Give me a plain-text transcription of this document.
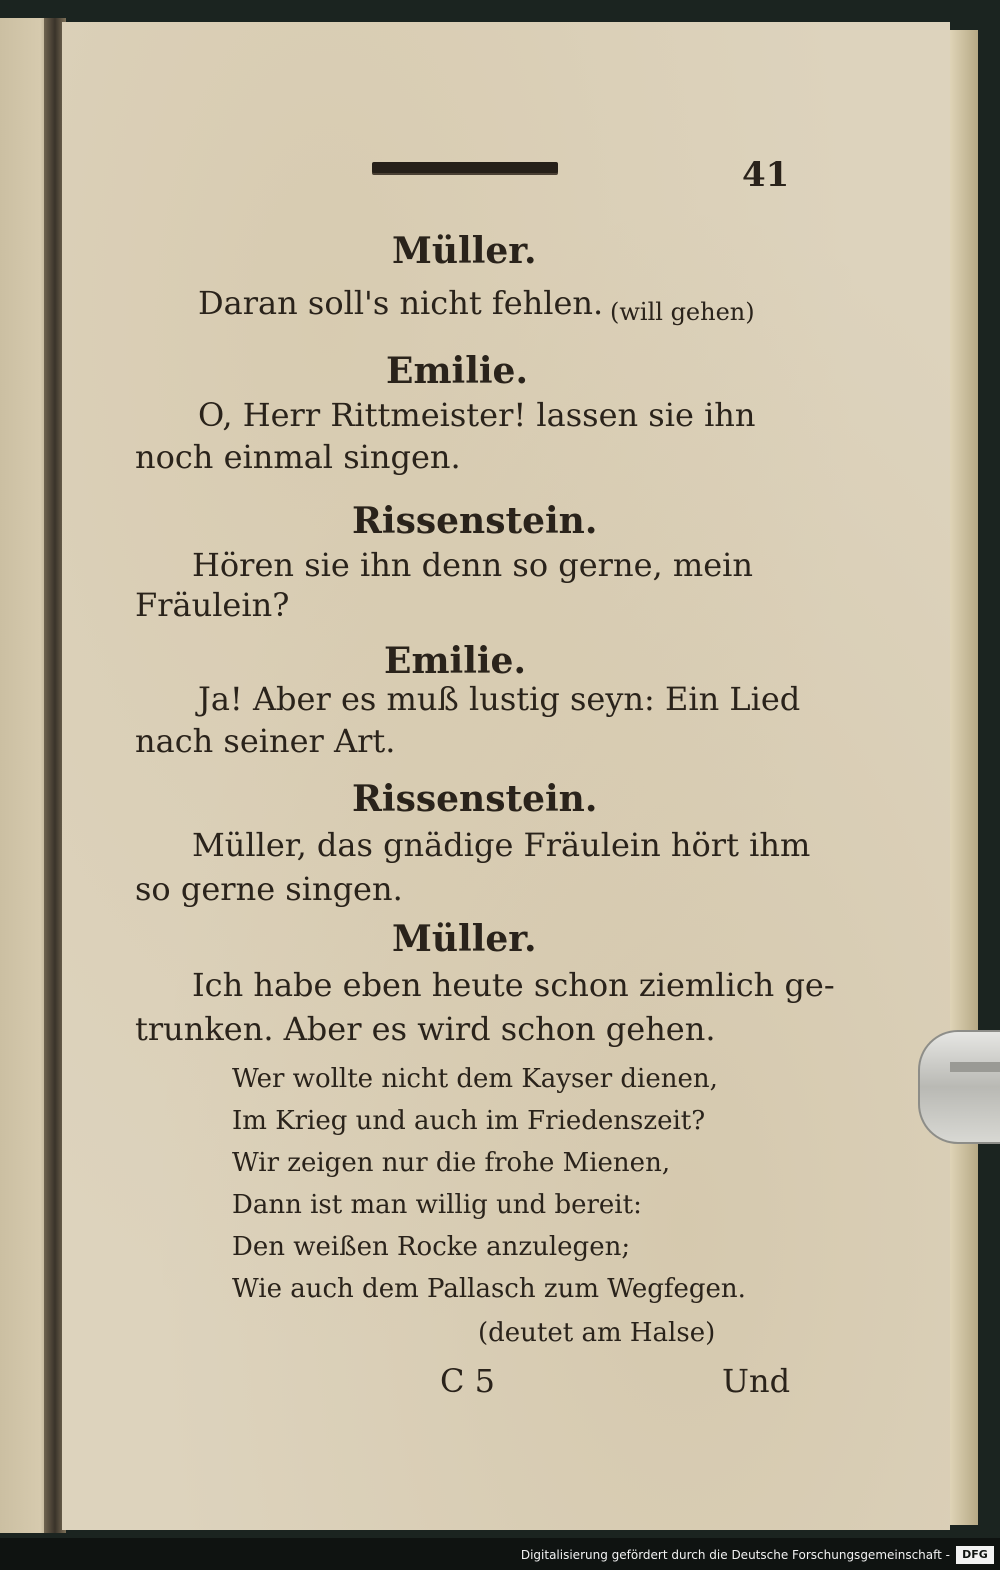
41
Müller.
Daran soll's nicht fehlen. (will gehen)
Emilie.
O, Herr Rittmeister! lassen sie ihn
noch einmal singen.
Rissenstein.
Hören sie ihn denn so gerne, mein
Fräulein?
Emilie.
Ja! Aber es muß lustig seyn: Ein Lied
nach seiner Art.
Rissenstein.
Müller, das gnädige Fräulein hört ihm
so gerne singen.
Müller.
Ich habe eben heute schon ziemlich ge-
trunken. Aber es wird schon gehen.
Wer wollte nicht dem Kayser dienen,
Im Krieg und auch im Friedenszeit?
Wir zeigen nur die frohe Mienen,
Dann ist man willig und bereit:
Den weißen Rocke anzulegen;
Wie auch dem Pallasch zum Wegfegen.
(deutet am Halse)
C 5	Und
Digitalisierung gefördert durch die Deutsche Forschungsgemeinschaft -	DFG
